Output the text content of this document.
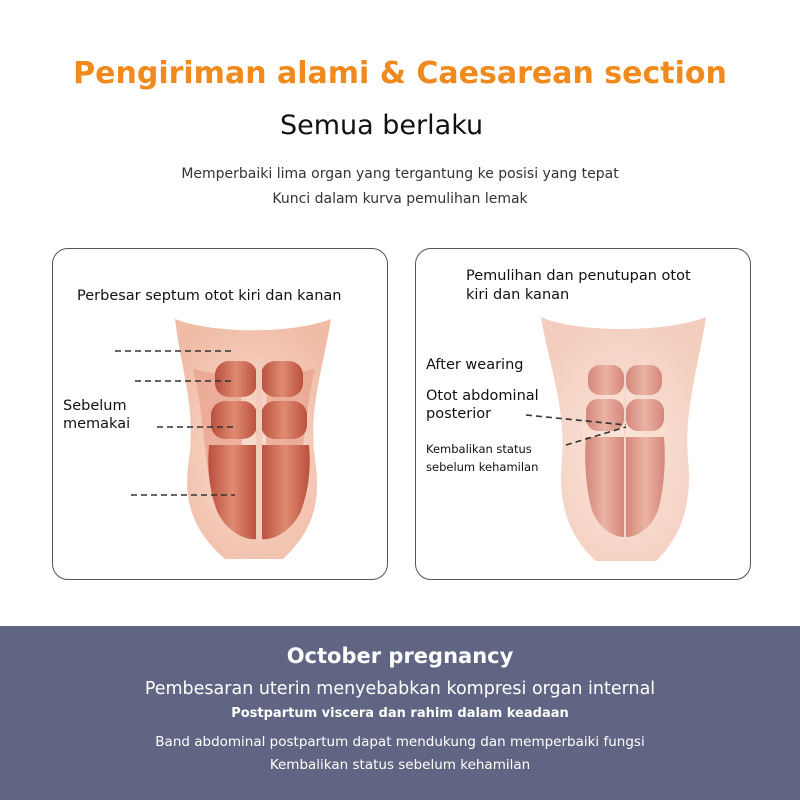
Pengiriman alami & Caesarean section
Semua berlaku
Memperbaiki lima organ yang tergantung ke posisi yang tepat
Kunci dalam kurva pemulihan lemak
Perbesar septum otot kiri dan kanan
Sebelum
memakai
Pemulihan dan penutupan otot
kiri dan kanan
After wearing
Otot abdominal
posterior
Kembalikan status
sebelum kehamilan
October pregnancy
Pembesaran uterin menyebabkan kompresi organ internal
Postpartum viscera dan rahim dalam keadaan
Band abdominal postpartum dapat mendukung dan memperbaiki fungsi
Kembalikan status sebelum kehamilan
